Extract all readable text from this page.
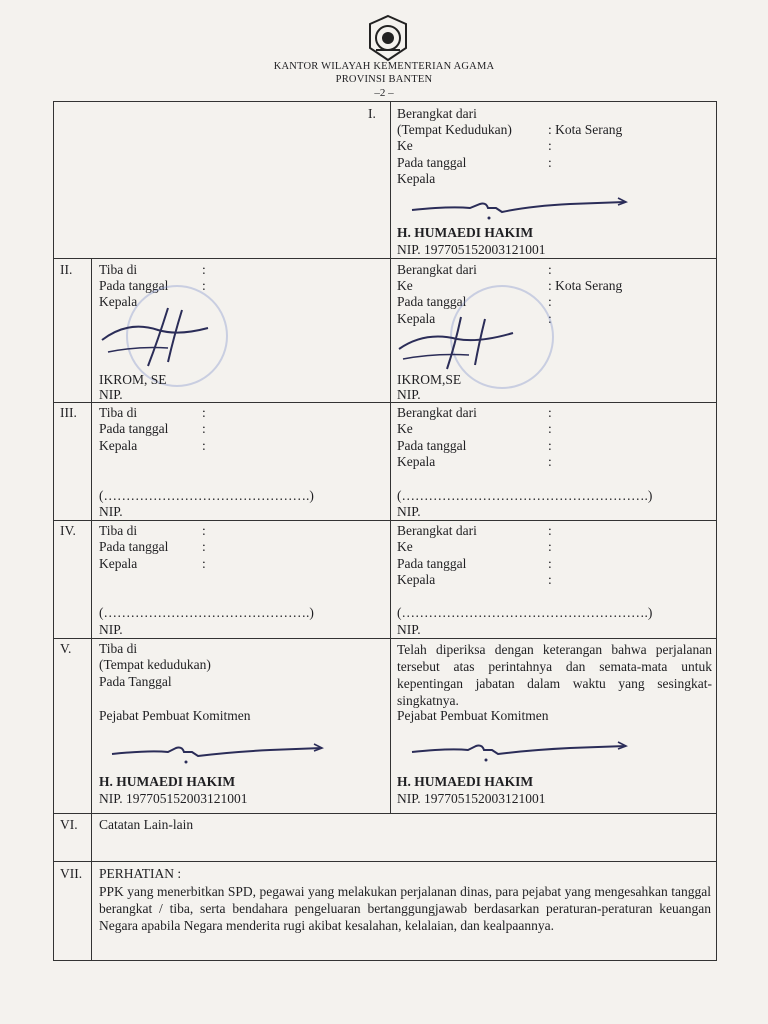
KANTOR WILAYAH KEMENTERIAN AGAMA
PROVINSI BANTEN
–2 –
I. Berangkat dari
(Tempat Kedudukan)	: Kota Serang
Ke	:
Pada tanggal	:
Kepala
H. HUMAEDI HAKIM
NIP. 197705152003121001
II. Tiba di	:
Pada tanggal :
Kepala
IKROM, SE
NIP.
Berangkat dari	:
Ke	: Kota Serang
Pada tanggal	:
Kepala	:
IKROM,SE
NIP.
III. Tiba di	:
Pada tanggal :
Kepala	:
(……………………………………….)
NIP.
Berangkat dari	:
Ke	:
Pada tanggal	:
Kepala	:
(……………………………………………….)
NIP.
IV. Tiba di	:
Pada tanggal :
Kepala	:
(……………………………………….)
NIP.
Berangkat dari	:
Ke	:
Pada tanggal	:
Kepala	:
(……………………………………………….)
NIP.
V. Tiba di
(Tempat kedudukan)
Pada Tanggal
Pejabat Pembuat Komitmen
H. HUMAEDI HAKIM
NIP. 197705152003121001
Telah diperiksa dengan keterangan bahwa perjalanan tersebut atas perintahnya dan semata-mata untuk kepentingan jabatan dalam waktu yang sesingkat-singkatnya.
Pejabat Pembuat Komitmen
H. HUMAEDI HAKIM
NIP. 197705152003121001
VI. Catatan Lain-lain
VII. PERHATIAN :
PPK yang menerbitkan SPD, pegawai yang melakukan perjalanan dinas, para pejabat yang mengesahkan tanggal berangkat / tiba, serta bendahara pengeluaran bertanggungjawab berdasarkan peraturan-peraturan keuangan Negara apabila Negara menderita rugi akibat kesalahan, kelalaian, dan kealpaannya.
